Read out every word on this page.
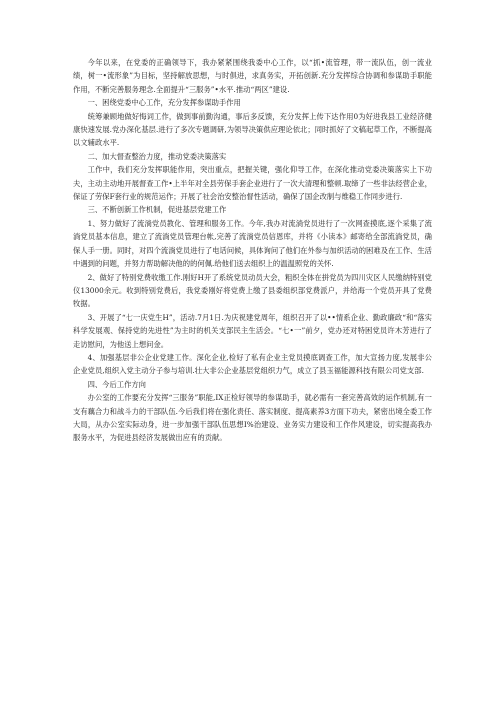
今年以来，在党委的正确领导下，我办紧紧围绕我委中心工作，以“抓•流管理，带一流队伍，创一流业绩，树一•流形象”为目标，坚持解放思想，与时俱进，求真务实，开拓创新.充分发挥综合协调和参谋助手职能作用，不断完善服务理念.全面提升“三服务”•水平.推动“两区”建设.

一、困绕党委中心工作，充分发挥参谋助手作用

统筹兼顾地做好悔词工作，做到事前勤沟通，事后多反馈，充分发挥上传下达作用0为好进我县工业经济健康快速发展.党办深化基层.进行了多次专题调研,为领导决策供应理论依北；同时抓好了文稿起草工作，不断提高以文辅政水平.

二、加大督查整治力度，推动党委决策落实

工作中，我们充分发挥职能作用，突出重点，把握关键，强化仰导工作，在深化推动党委决策落实上下功夫，主动主动地开展督查工作•上半年对全县劳保手套企业进行了一次大清理和整顿.取缔了一些非法经营企业，保证了劳保F套行业的规范运作；开展了社会治安整治督性活动，确保了国企改制与维稳工作同步进行.

三、不断创新工作机制，促进基层党建工作

1、努力做好了流淌党员教化、管理和服务工作。今年,我办对流淌党员进行了一次网查摸底,逐个采集了流淌党员基本信息，建立了流淌党员管理台帐,完善了流淌党员信恩库，并将《小读本》邮寄给全部流淌党员，确保人手一册。同时，对四个流淌党员进行了电话问候，具体询问了他们在外参与加织活动的困难及在工作、生活中遇到的问题，并努力帮助解决他的的何佩.给他们送去组织上的温温照党的关怀.

2、做好了特别党费收缴工作.刚好H开了系统党员动员大会，粗织全体在拼党员为四川灾区人民缴纳特别党仪13000余元。收到特别党费后，我党委刚好将党费上缴了县委组织部党费派户，并给海一个党员开具了党费牧据。

3、开展了“七一庆党生H”，活动.7月1日.为庆祝建党周年，组织召开了以••情系企业、勤政廉政“和“落实科学发展观、保持党的先进性”为主时的机关支部民主生活会。“七•一”前夕，党办还对特困党员许木芳进行了走访慰问，为他送上想问金。

4、加强基层非公企业党建工作。深化企业,检好了私有企业主党员摸底调查工作，加大宣扬力度,发展非公企业党员,组织入党主动分子参与培训.壮大非公企业基层党组织力气，成立了县玉福能源科技有限公司党支部.

四、今后工作方向

办公室的工作要充分发挥“三服务”职能,IX正检好领导的参谋助手，就必需有一套完善高效的运作机制,有一支有藕合力和战斗力的干部队伍.今后我们将在强化责任、落实制度、提高素养3方面下功夫，紧密出境全委工作大局，从办公室实际动身，进一步加强干部队伍思想I%治建设、业务实力建设和工作作风建设，切实提高我办服务水平，为促进县经济发展做出应有的贡献。
